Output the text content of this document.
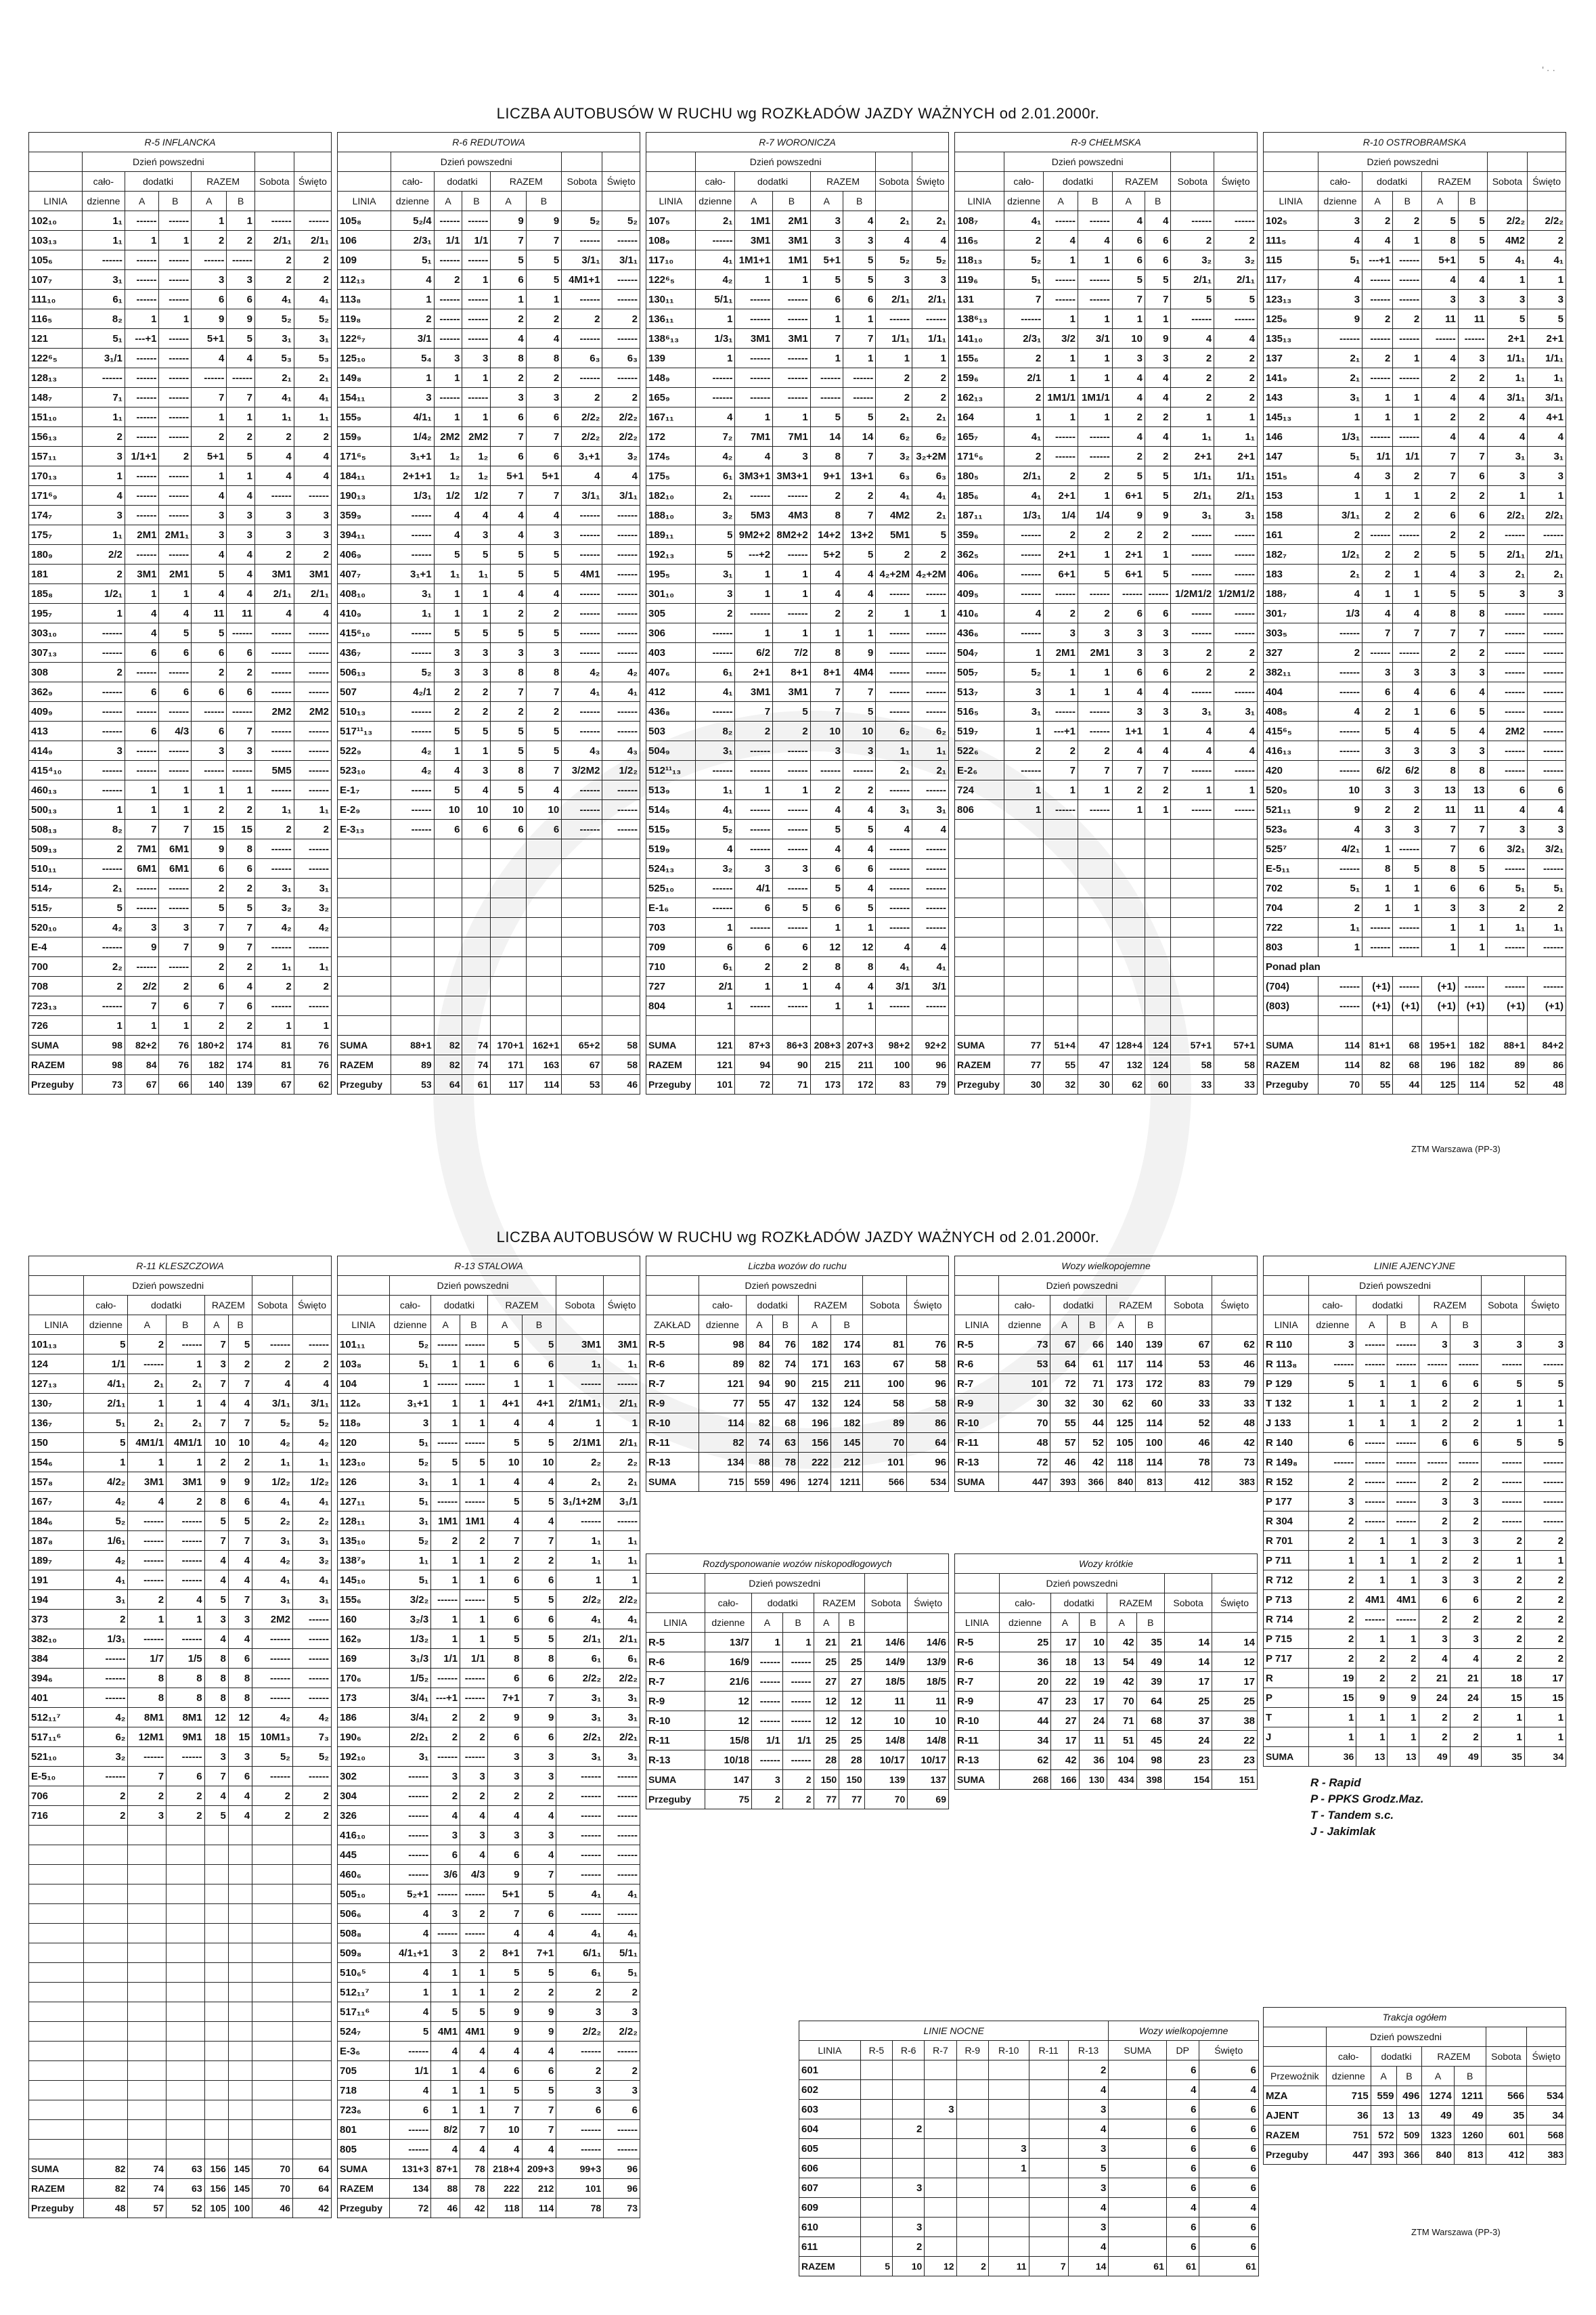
' · ·
LICZBA AUTOBUSÓW W RUCHU wg ROZKŁADÓW JAZDY WAŻNYCH od 2.01.2000r.
R-5 INFLANCKA							
	Dzień powszedni						
	cało-	dodatki		RAZEM		Sobota	Święto
LINIA	dzienne	A	B	A	B		
102₁₀	1₁	------	------	1	1	------	------
103₁₃	1₁	1	1	2	2	2/1₁	2/1₁
105₆	------	------	------	------	------	2	2
107₇	3₁	------	------	3	3	2	2
111₁₀	6₁	------	------	6	6	4₁	4₁
116₅	8₂	1	1	9	9	5₂	5₂
121	5₁	---+1	------	5+1	5	3₁	3₁
122⁶₅	3₁/1	------	------	4	4	5₃	5₃
128₁₃	------	------	------	------	------	2₁	2₁
148₇	7₁	------	------	7	7	4₁	4₁
151₁₀	1₁	------	------	1	1	1₁	1₁
156₁₃	2	------	------	2	2	2	2
157₁₁	3	1/1+1	2	5+1	5	4	4
170₁₃	1	------	------	1	1	4	4
171⁶₉	4	------	------	4	4	------	------
174₇	3	------	------	3	3	3	3
175₇	1₁	2M1	2M1₁	3	3	3	3
180₉	2/2	------	------	4	4	2	2
181	2	3M1	2M1	5	4	3M1	3M1
185₈	1/2₁	1	1	4	4	2/1₁	2/1₁
195₇	1	4	4	11	11	4	4
303₁₀	------	4	5	5	------	------	------
307₁₃	------	6	6	6	6	------	------
308	2	------	------	2	2	------	------
362₉	------	6	6	6	6	------	------
409₉	------	------	------	------	------	2M2	2M2
413	------	6	4/3	6	7	------	------
414₉	3	------	------	3	3	------	------
415⁴₁₀	------	------	------	------	------	5M5	------
460₁₃	------	1	1	1	1	------	------
500₁₃	1	1	1	2	2	1₁	1₁
508₁₃	8₂	7	7	15	15	2	2
509₁₃	2	7M1	6M1	9	8	------	------
510₁₁	------	6M1	6M1	6	6	------	------
514₇	2₁	------	------	2	2	3₁	3₁
515₇	5	------	------	5	5	3₂	3₂
520₁₀	4₂	3	3	7	7	4₂	4₂
E-4	------	9	7	9	7	------	------
700	2₂	------	------	2	2	1₁	1₁
708	2	2/2	2	6	4	2	2
723₁₃	------	7	6	7	6	------	------
726	1	1	1	2	2	1	1
SUMA	98	82+2	76	180+2	174	81	76
RAZEM	98	84	76	182	174	81	76
Przeguby	73	67	66	140	139	67	62
R-6 REDUTOWA							
	Dzień powszedni						
	cało-	dodatki		RAZEM		Sobota	Święto
LINIA	dzienne	A	B	A	B		
105₈	5₂/4	------	------	9	9	5₂	5₂
106	2/3₁	1/1	1/1	7	7	------	------
109	5₁	------	------	5	5	3/1₁	3/1₁
112₁₃	4	2	1	6	5	4M1+1	------
113₈	1	------	------	1	1	------	------
119₈	2	------	------	2	2	2	2
122⁶₇	3/1	------	------	4	4	------	------
125₁₀	5₄	3	3	8	8	6₃	6₃
149₈	1	1	1	2	2	------	------
154₁₁	3	------	------	3	3	2	2
155₉	4/1₁	1	1	6	6	2/2₂	2/2₂
159₉	1/4₂	2M2	2M2	7	7	2/2₂	2/2₂
171⁶₅	3₁+1	1₂	1₂	6	6	3₁+1	3₂
184₁₁	2+1+1	1₂	1₂	5+1	5+1	4	4
190₁₃	1/3₁	1/2	1/2	7	7	3/1₁	3/1₁
359₉	------	4	4	4	4	------	------
394₁₁	------	4	3	4	3	------	------
406₉	------	5	5	5	5	------	------
407₇	3₁+1	1₁	1₁	5	5	4M1	------
408₁₀	3₁	1	1	4	4	------	------
410₉	1₁	1	1	2	2	------	------
415⁶₁₀	------	5	5	5	5	------	------
436₇	------	3	3	3	3	------	------
506₁₃	5₂	3	3	8	8	4₂	4₂
507	4₂/1	2	2	7	7	4₁	4₁
510₁₃	------	2	2	2	2	------	------
517¹¹₁₃	------	5	5	5	5	------	------
522₉	4₂	1	1	5	5	4₃	4₃
523₁₀	4₂	4	3	8	7	3/2M2	1/2₂
E-1₇	------	5	4	5	4	------	------
E-2₉	------	10	10	10	10	------	------
E-3₁₃	------	6	6	6	6	------	------

SUMA	88+1	82	74	170+1	162+1	65+2	58
RAZEM	89	82	74	171	163	67	58
Przeguby	53	64	61	117	114	53	46
R-7 WORONICZA							
	Dzień powszedni						
	cało-	dodatki		RAZEM		Sobota	Święto
LINIA	dzienne	A	B	A	B		
107₅	2₁	1M1	2M1	3	4	2₁	2₁
108₉	------	3M1	3M1	3	3	4	4
117₁₀	4₁	1M1+1	1M1	5+1	5	5₂	5₂
122⁶₅	4₂	1	1	5	5	3	3
130₁₁	5/1₁	------	------	6	6	2/1₁	2/1₁
136₁₁	1	------	------	1	1	------	------
138⁶₁₃	1/3₁	3M1	3M1	7	7	1/1₁	1/1₁
139	1	------	------	1	1	1	1
148₉	------	------	------	------	------	2	2
165₉	------	------	------	------	------	2	2
167₁₁	4	1	1	5	5	2₁	2₁
172	7₂	7M1	7M1	14	14	6₂	6₂
174₅	4₂	4	3	8	7	3₂	3₂+2M
175₅	6₁	3M3+1	3M3+1	9+1	13+1	6₃	6₃
182₁₀	2₁	------	------	2	2	4₁	4₁
188₁₀	3₂	5M3	4M3	8	7	4M2	2₁
189₁₁	5	9M2+2	8M2+2	14+2	13+2	5M1	5
192₁₃	5	---+2	------	5+2	5	2	2
195₅	3₁	1	1	4	4	4₂+2M	4₂+2M
301₁₀	3	1	1	4	4	------	------
305	2	------	------	2	2	1	1
306	------	1	1	1	1	------	------
403	------	6/2	7/2	8	9	------	------
407₆	6₁	2+1	8+1	8+1	4M4	------	------
412	4₁	3M1	3M1	7	7	------	------
436₈	------	7	5	7	5	------	------
503	8₂	2	2	10	10	6₂	6₂
504₉	3₁	------	------	3	3	1₁	1₁
512¹¹₁₃	------	------	------	------	------	2₁	2₁
513₉	1₁	1	1	2	2	------	------
514₅	4₁	------	------	4	4	3₁	3₁
515₉	5₂	------	------	5	5	4	4
519₉	4	------	------	4	4	------	------
524₁₃	3₂	3	3	6	6	------	------
525₁₀	------	4/1	------	5	4	------	------
E-1₆	------	6	5	6	5	------	------
703	1	------	------	1	1	------	------
709	6	6	6	12	12	4	4
710	6₁	2	2	8	8	4₁	4₁
727	2/1	1	1	4	4	3/1	3/1
804	1	------	------	1	1	------	------

SUMA	121	87+3	86+3	208+3	207+3	98+2	92+2
RAZEM	121	94	90	215	211	100	96
Przeguby	101	72	71	173	172	83	79
R-9 CHEŁMSKA							
	Dzień powszedni						
	cało-	dodatki		RAZEM		Sobota	Święto
LINIA	dzienne	A	B	A	B		
108₇	4₁	------	------	4	4	------	------
116₅	2	4	4	6	6	2	2
118₁₃	5₂	1	1	6	6	3₂	3₂
119₆	5₁	------	------	5	5	2/1₁	2/1₁
131	7	------	------	7	7	5	5
138⁶₁₃	------	1	1	1	1	------	------
141₁₀	2/3₁	3/2	3/1	10	9	4	4
155₆	2	1	1	3	3	2	2
159₆	2/1	1	1	4	4	2	2
162₁₃	2	1M1/1	1M1/1	4	4	2	2
164	1	1	1	2	2	1	1
165₇	4₁	------	------	4	4	1₁	1₁
171⁶₆	2	------	------	2	2	2+1	2+1
180₅	2/1₁	2	2	5	5	1/1₁	1/1₁
185₆	4₁	2+1	1	6+1	5	2/1₁	2/1₁
187₁₁	1/3₁	1/4	1/4	9	9	3₁	3₁
359₆	------	2	2	2	2	------	------
362₅	------	2+1	1	2+1	1	------	------
406₆	------	6+1	5	6+1	5	------	------
409₅	------	------	------	------	------	1/2M1/2	1/2M1/2
410₆	4	2	2	6	6	------	------
436₆	------	3	3	3	3	------	------
504₇	1	2M1	2M1	3	3	2	2
505₇	5₂	1	1	6	6	2	2
513₇	3	1	1	4	4	------	------
516₅	3₁	------	------	3	3	3₁	3₁
519₇	1	---+1	------	1+1	1	4	4
522₆	2	2	2	4	4	4	4
E-2₆	------	7	7	7	7	------	------
724	1	1	1	2	2	1	1
806	1	------	------	1	1	------	------

SUMA	77	51+4	47	128+4	124	57+1	57+1
RAZEM	77	55	47	132	124	58	58
Przeguby	30	32	30	62	60	33	33
R-10 OSTROBRAMSKA							
	Dzień powszedni						
	cało-	dodatki		RAZEM		Sobota	Święto
LINIA	dzienne	A	B	A	B		
102₅	3	2	2	5	5	2/2₂	2/2₂
111₅	4	4	1	8	5	4M2	2
115	5₁	---+1	------	5+1	5	4₁	4₁
117₇	4	------	------	4	4	1	1
123₁₃	3	------	------	3	3	3	3
125₆	9	2	2	11	11	5	5
135₁₃	------	------	------	------	------	2+1	2+1
137	2₁	2	1	4	3	1/1₁	1/1₁
141₉	2₁	------	------	2	2	1₁	1₁
143	3₁	1	1	4	4	3/1₁	3/1₁
145₁₃	1	1	1	2	2	4	4+1
146	1/3₁	------	------	4	4	4	4
147	5₁	1/1	1/1	7	7	3₁	3₁
151₅	4	3	2	7	6	3	3
153	1	1	1	2	2	1	1
158	3/1₁	2	2	6	6	2/2₁	2/2₁
161	2	------	------	2	2	------	------
182₇	1/2₁	2	2	5	5	2/1₁	2/1₁
183	2₁	2	1	4	3	2₁	2₁
188₇	4	1	1	5	5	3	3
301₇	1/3	4	4	8	8	------	------
303₅	------	7	7	7	7	------	------
327	2	------	------	2	2	------	------
382₁₁	------	3	3	3	3	------	------
404	------	6	4	6	4	------	------
408₅	4	2	1	6	5	------	------
415⁶₅	------	5	4	5	4	2M2	------
416₁₃	------	3	3	3	3	------	------
420	------	6/2	6/2	8	8	------	------
520₅	10	3	3	13	13	6	6
521₁₁	9	2	2	11	11	4	4
523₆	4	3	3	7	7	3	3
525⁷	4/2₁	1	------	7	6	3/2₁	3/2₁
E-5₁₁	------	8	5	8	5	------	------
702	5₁	1	1	6	6	5₁	5₁
704	2	1	1	3	3	2	2
722	1₁	------	------	1	1	1₁	1₁
803	1	------	------	1	1	------	------
Ponad plan							
(704)	------	(+1)	------	(+1)	------	------	------
(803)	------	(+1)	(+1)	(+1)	(+1)	(+1)	(+1)

SUMA	114	81+1	68	195+1	182	88+1	84+2
RAZEM	114	82	68	196	182	89	86
Przeguby	70	55	44	125	114	52	48
ZTM Warszawa (PP-3)
LICZBA AUTOBUSÓW W RUCHU wg ROZKŁADÓW JAZDY WAŻNYCH od 2.01.2000r.
R-11 KLESZCZOWA							
	Dzień powszedni						
	cało-	dodatki		RAZEM		Sobota	Święto
LINIA	dzienne	A	B	A	B		
101₁₃	5	2	------	7	5	------	------
124	1/1	------	1	3	2	2	2
127₁₃	4/1₁	2₁	2₁	7	7	4	4
130₇	2/1₁	1	1	4	4	3/1₁	3/1₁
136₇	5₁	2₁	2₁	7	7	5₂	5₂
150	5	4M1/1	4M1/1	10	10	4₂	4₂
154₆	1	1	1	2	2	1₁	1₁
157₈	4/2₂	3M1	3M1	9	9	1/2₂	1/2₂
167₇	4₂	4	2	8	6	4₁	4₁
184₆	5₂	------	------	5	5	2₂	2₂
187₈	1/6₁	------	------	7	7	3₁	3₁
189₇	4₂	------	------	4	4	4₂	3₂
191	4₁	------	------	4	4	4₁	4₁
194	3₁	2	4	5	7	3₁	3₁
373	2	1	1	3	3	2M2	------
382₁₀	1/3₁	------	------	4	4	------	------
384	------	1/7	1/5	8	6	------	------
394₆	------	8	8	8	8	------	------
401	------	8	8	8	8	------	------
512₁₁⁷	4₂	8M1	8M1	12	12	4₂	4₂
517₁₁⁶	6₂	12M1	9M1	18	15	10M1₃	7₃
521₁₀	3₂	------	------	3	3	5₂	5₂
E-5₁₀	------	7	6	7	6	------	------
706	2	2	2	4	4	2	2
716	2	3	2	5	4	2	2

SUMA	82	74	63	156	145	70	64
RAZEM	82	74	63	156	145	70	64
Przeguby	48	57	52	105	100	46	42
R-13 STALOWA							
	Dzień powszedni						
	cało-	dodatki		RAZEM		Sobota	Święto
LINIA	dzienne	A	B	A	B		
101₁₁	5₂	------	------	5	5	3M1	3M1
103₈	5₁	1	1	6	6	1₁	1₁
104	1	------	------	1	1	------	------
112₆	3₁+1	1	1	4+1	4+1	2/1M1₁	2/1₁
118₉	3	1	1	4	4	1	1
120	5₁	------	------	5	5	2/1M1	2/1₁
123₁₀	5₂	5	5	10	10	2₂	2₂
126	3₁	1	1	4	4	2₁	2₁
127₁₁	5₁	------	------	5	5	3₁/1+2M	3₁/1
128₁₁	3₁	1M1	1M1	4	4	------	------
135₁₀	5₂	2	2	7	7	1₁	1₁
138⁷₉	1₁	1	1	2	2	1₁	1₁
145₁₀	5₁	1	1	6	6	1	1
155₆	3/2₂	------	------	5	5	2/2₂	2/2₂
160	3₂/3	1	1	6	6	4₁	4₁
162₉	1/3₂	1	1	5	5	2/1₁	2/1₁
169	3₁/3	1/1	1/1	8	8	6₁	6₁
170₆	1/5₂	------	------	6	6	2/2₂	2/2₂
173	3/4₁	---+1	------	7+1	7	3₁	3₁
186	3/4₁	2	2	9	9	3₁	3₁
190₆	2/2₁	2	2	6	6	2/2₁	2/2₁
192₁₀	3₁	------	------	3	3	3₁	3₁
302	------	3	3	3	3	------	------
304	------	2	2	2	2	------	------
326	------	4	4	4	4	------	------
416₁₀	------	3	3	3	3	------	------
445	------	6	4	6	4	------	------
460₆	------	3/6	4/3	9	7	------	------
505₁₀	5₂+1	------	------	5+1	5	4₁	4₁
506₆	4	3	2	7	6	------	------
508₈	4	------	------	4	4	4₁	4₁
509₈	4/1₁+1	3	2	8+1	7+1	6/1₁	5/1₁
510₆⁵	4	1	1	5	5	6₁	5₁
512₁₁⁷	1	1	1	2	2	2	2
517₁₁⁶	4	5	5	9	9	3	3
524₇	5	4M1	4M1	9	9	2/2₂	2/2₂
E-3₆	------	4	4	4	4	------	------
705	1/1	1	4	6	6	2	2
718	4	1	1	5	5	3	3
723₆	6	1	1	7	7	6	6
801	------	8/2	7	10	7	------	------
805	------	4	4	4	4	------	------
SUMA	131+3	87+1	78	218+4	209+3	99+3	96
RAZEM	134	88	78	222	212	101	96
Przeguby	72	46	42	118	114	78	73
Liczba wozów do ruchu							
	Dzień powszedni						
	cało-	dodatki		RAZEM		Sobota	Święto
ZAKŁAD	dzienne	A	B	A	B		
R-5	98	84	76	182	174	81	76
R-6	89	82	74	171	163	67	58
R-7	121	94	90	215	211	100	96
R-9	77	55	47	132	124	58	58
R-10	114	82	68	196	182	89	86
R-11	82	74	63	156	145	70	64
R-13	134	88	78	222	212	101	96
SUMA	715	559	496	1274	1211	566	534
Wozy wielkopojemne							
	Dzień powszedni						
	cało-	dodatki		RAZEM		Sobota	Święto
LINIA	dzienne	A	B	A	B		
R-5	73	67	66	140	139	67	62
R-6	53	64	61	117	114	53	46
R-7	101	72	71	173	172	83	79
R-9	30	32	30	62	60	33	33
R-10	70	55	44	125	114	52	48
R-11	48	57	52	105	100	46	42
R-13	72	46	42	118	114	78	73
SUMA	447	393	366	840	813	412	383
Rozdysponowanie wozów niskopodłogowych							
	Dzień powszedni						
	cało-	dodatki		RAZEM		Sobota	Święto
LINIA	dzienne	A	B	A	B		
R-5	13/7	1	1	21	21	14/6	14/6
R-6	16/9	------	------	25	25	14/9	13/9
R-7	21/6	------	------	27	27	18/5	18/5
R-9	12	------	------	12	12	11	11
R-10	12	------	------	12	12	10	10
R-11	15/8	1/1	1/1	25	25	14/8	14/8
R-13	10/18	------	------	28	28	10/17	10/17
SUMA	147	3	2	150	150	139	137
Przeguby	75	2	2	77	77	70	69
Wozy krótkie							
	Dzień powszedni						
	cało-	dodatki		RAZEM		Sobota	Święto
LINIA	dzienne	A	B	A	B		
R-5	25	17	10	42	35	14	14
R-6	36	18	13	54	49	14	12
R-7	20	22	19	42	39	17	17
R-9	47	23	17	70	64	25	25
R-10	44	27	24	71	68	37	38
R-11	34	17	11	51	45	24	22
R-13	62	42	36	104	98	23	23
SUMA	268	166	130	434	398	154	151
LINIE AJENCYJNE							
	Dzień powszedni						
	cało-	dodatki		RAZEM		Sobota	Święto
LINIA	dzienne	A	B	A	B		
R 110	3	------	------	3	3	3	3
R 113₈	------	------	------	------	------	------	------
P 129	5	1	1	6	6	5	5
T 132	1	1	1	2	2	1	1
J 133	1	1	1	2	2	1	1
R 140	6	------	------	6	6	5	5
R 149₈	------	------	------	------	------	------	------
R 152	2	------	------	2	2	------	------
P 177	3	------	------	3	3	------	------
R 304	2	------	------	2	2	------	------
R 701	2	1	1	3	3	2	2
P 711	1	1	1	2	2	1	1
R 712	2	1	1	3	3	2	2
P 713	2	4M1	4M1	6	6	2	2
R 714	2	------	------	2	2	2	2
P 715	2	1	1	3	3	2	2
P 717	2	2	2	4	4	2	2
R	19	2	2	21	21	18	17
P	15	9	9	24	24	15	15
T	1	1	1	2	2	1	1
J	1	1	1	2	2	1	1
SUMA	36	13	13	49	49	35	34
R - Rapid
P - PPKS Grodz.Maz.
T - Tandem s.c.
J - Jakimlak
LINIE NOCNE								Wozy wielkopojemne		
LINIA	R-5	R-6	R-7	R-9	R-10	R-11	R-13	SUMA	DP	Święto
601							2		6	6
602							4		4	4
603			3				3		6	6
604		2					4		6	6
605					3		3		6	6
606					1		5		6	6
607		3					3		6	6
609							4		4	4
610		3					3		6	6
611		2					4		6	6
RAZEM	5	10	12	2	11	7	14	61	61	61
Trakcja ogółem							
	Dzień powszedni						
	cało-	dodatki		RAZEM		Sobota	Święto
Przewoźnik	dzienne	A	B	A	B		
MZA	715	559	496	1274	1211	566	534
AJENT	36	13	13	49	49	35	34
RAZEM	751	572	509	1323	1260	601	568
Przeguby	447	393	366	840	813	412	383
ZTM Warszawa (PP-3)
